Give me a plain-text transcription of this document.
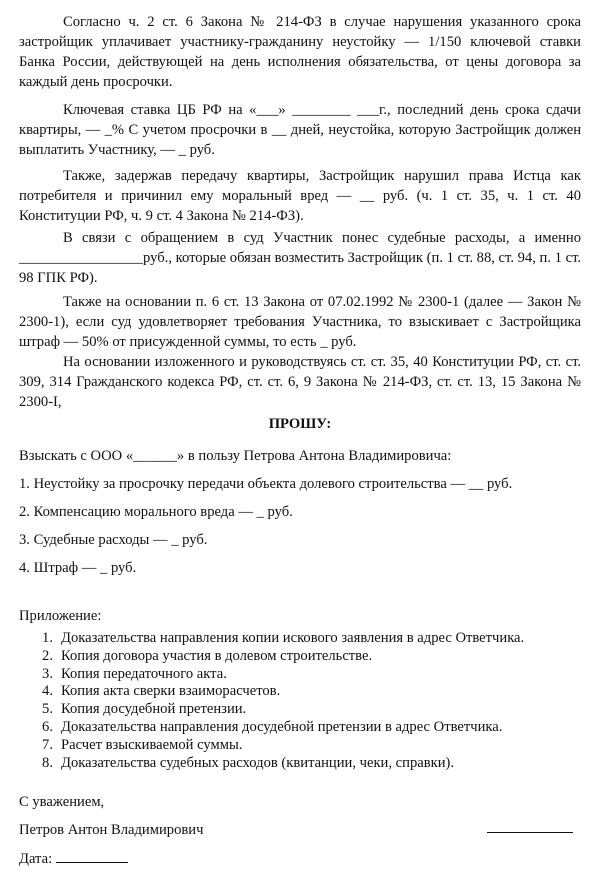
Согласно ч. 2 ст. 6 Закона № 214-ФЗ в случае нарушения указанного срока застройщик уплачивает участнику-гражданину неустойку — 1/150 ключевой ставки Банка России, действующей на день исполнения обязательства, от цены договора за каждый день просрочки.

Ключевая ставка ЦБ РФ на «___» ________ ___г., последний день срока сдачи квартиры, — _% С учетом просрочки в __ дней, неустойка, которую Застройщик должен выплатить Участнику, — _ руб.

Также, задержав передачу квартиры, Застройщик нарушил права Истца как потребителя и причинил ему моральный вред — __ руб. (ч. 1 ст. 35, ч. 1 ст. 40 Конституции РФ, ч. 9 ст. 4 Закона № 214-ФЗ).

В связи с обращением в суд Участник понес судебные расходы, а именно _________________руб., которые обязан возместить Застройщик (п. 1 ст. 88, ст. 94, п. 1 ст. 98 ГПК РФ).

Также на основании п. 6 ст. 13 Закона от 07.02.1992 № 2300-1 (далее — Закон № 2300-1), если суд удовлетворяет требования Участника, то взыскивает с Застройщика штраф — 50% от присужденной суммы, то есть _ руб.

На основании изложенного и руководствуясь ст. ст. 35, 40 Конституции РФ, ст. ст. 309, 314 Гражданского кодекса РФ, ст. ст. 6, 9 Закона № 214-ФЗ, ст. ст. 13, 15 Закона № 2300-I,

ПРОШУ:

Взыскать с ООО «______» в пользу Петрова Антона Владимировича:

1. Неустойку за просрочку передачи объекта долевого строительства — __ руб.

2. Компенсацию морального вреда — _ руб.

3. Судебные расходы — _ руб.

4. Штраф — _ руб.

Приложение:

1. Доказательства направления копии искового заявления в адрес Ответчика.
2. Копия договора участия в долевом строительстве.
3. Копия передаточного акта.
4. Копия акта сверки взаиморасчетов.
5. Копия досудебной претензии.
6. Доказательства направления досудебной претензии в адрес Ответчика.
7. Расчет взыскиваемой суммы.
8. Доказательства судебных расходов (квитанции, чеки, справки).

С уважением,

Петров Антон Владимирович

Дата:
